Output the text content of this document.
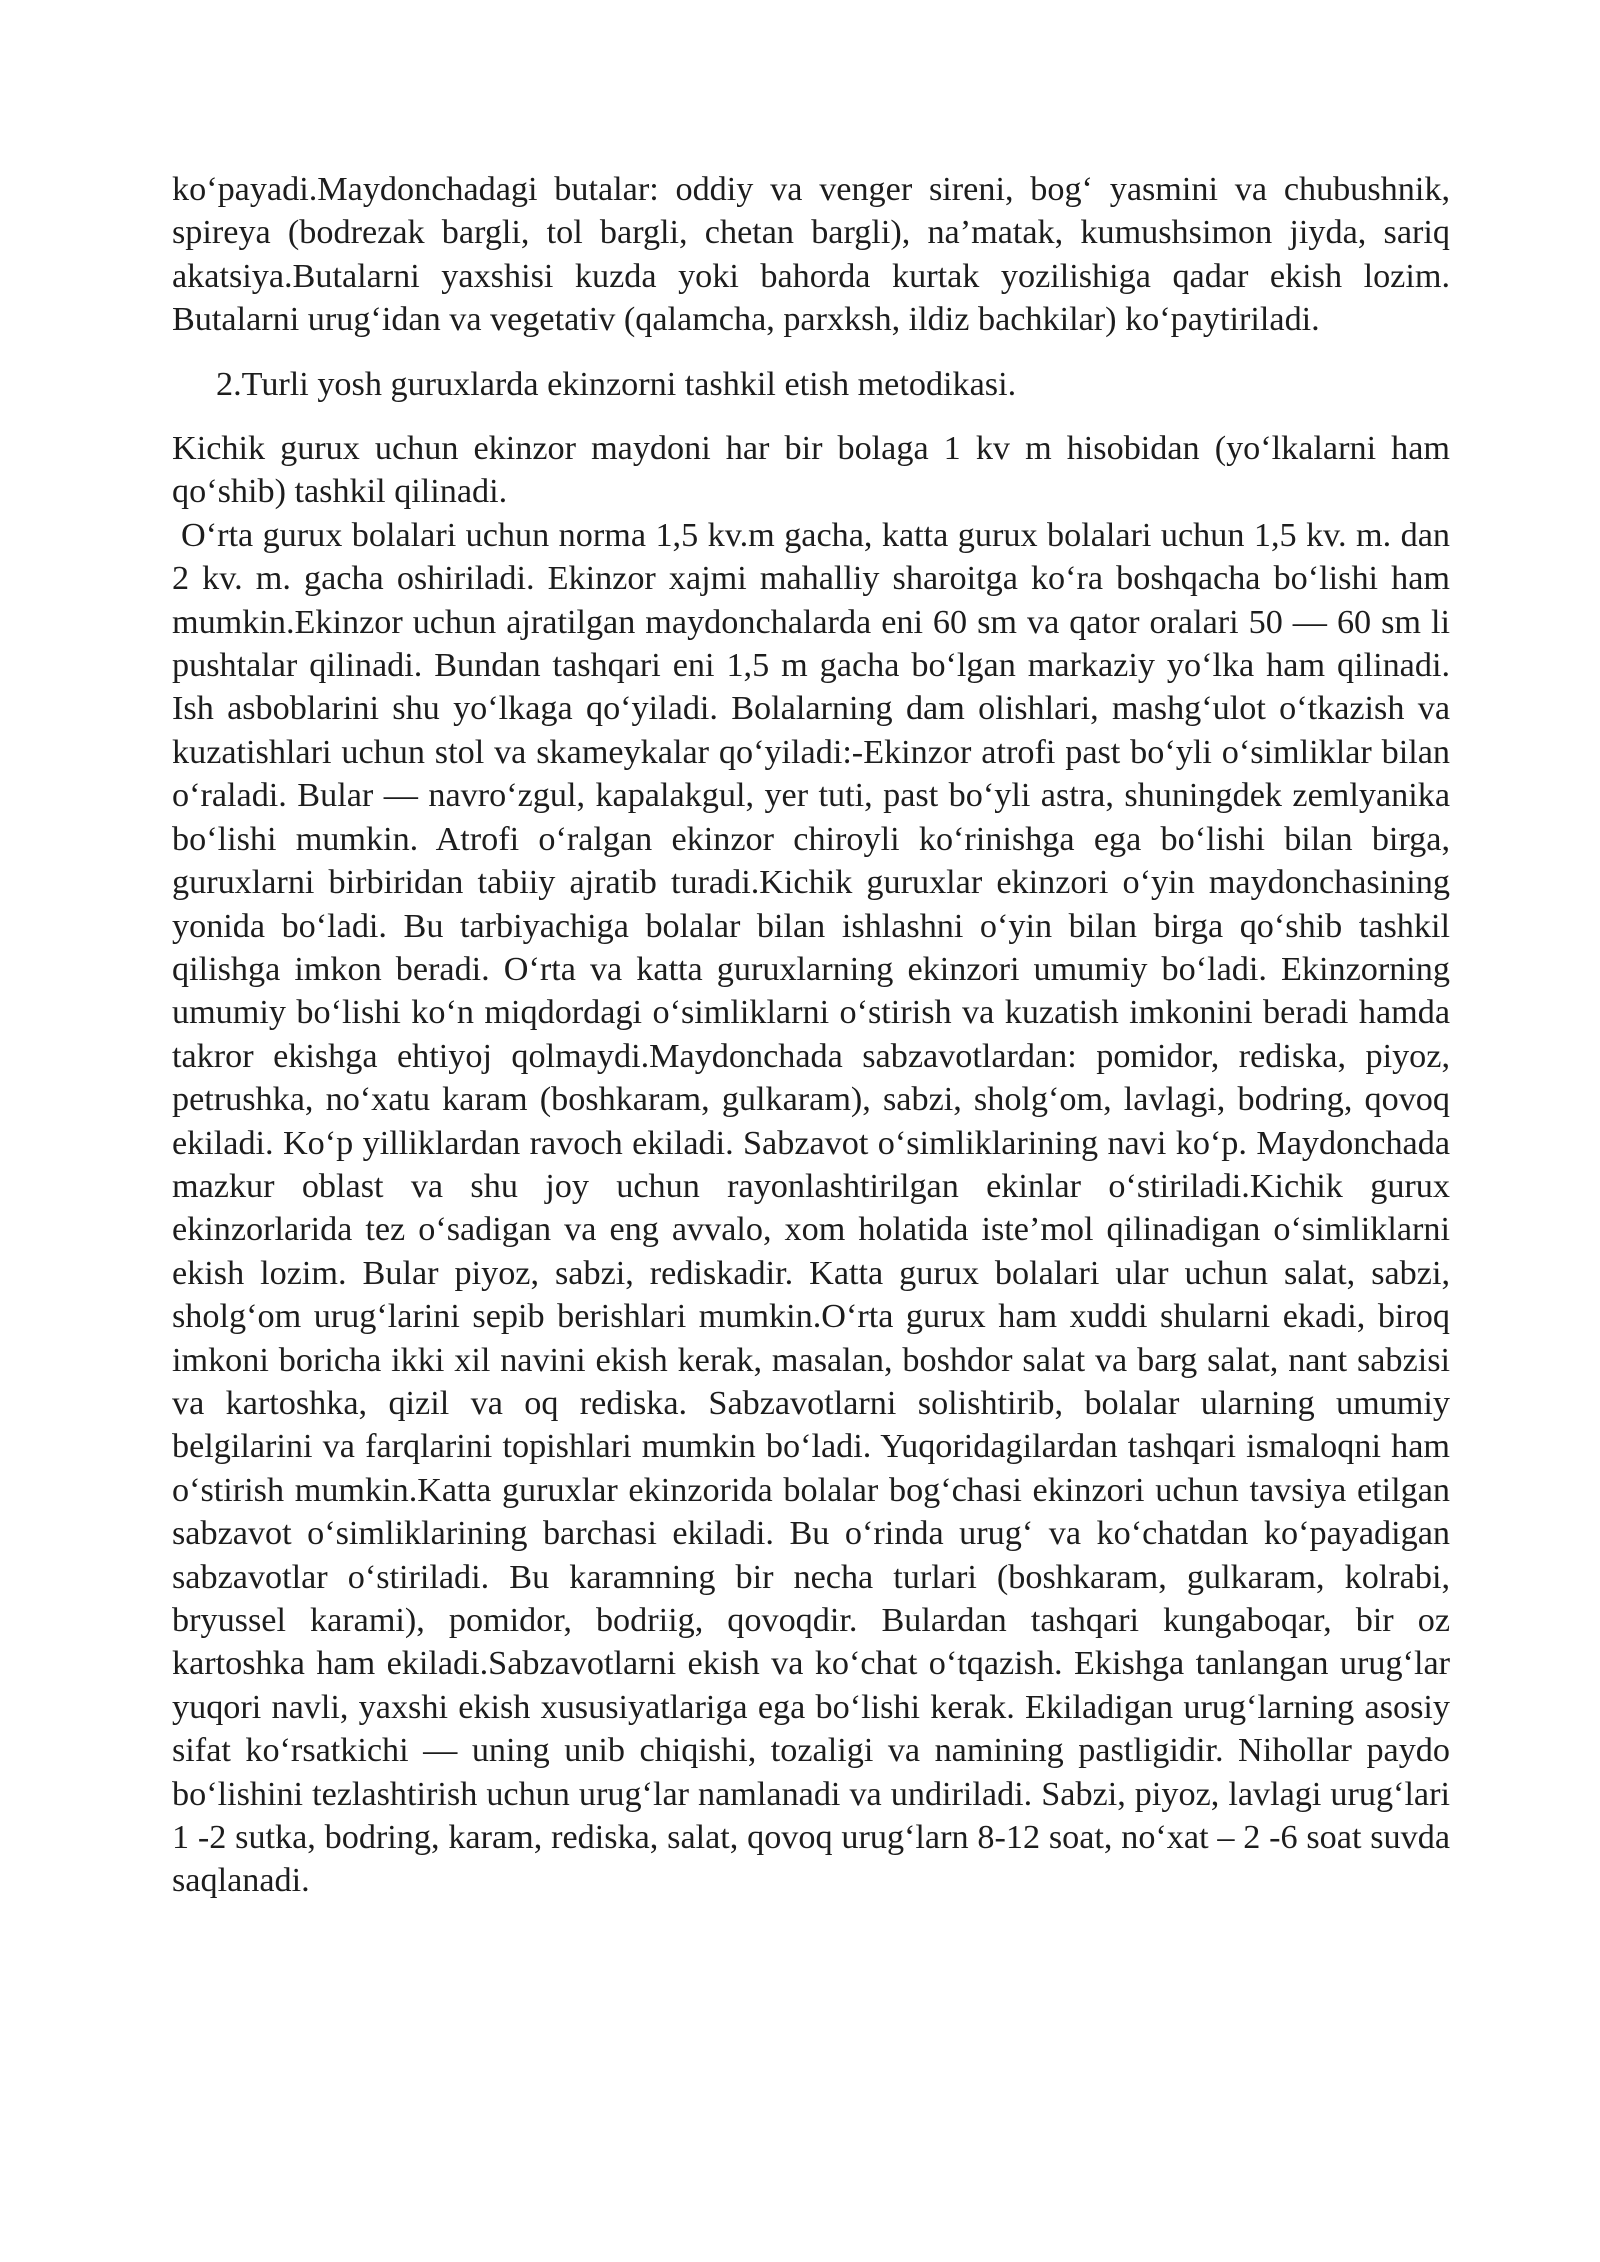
ko‘payadi.Maydonchadagi butalar: oddiy va venger sireni, bog‘ yasmini va chubushnik, spireya (bodrezak bargli, tol bargli, chetan bargli), na’matak, kumushsimon jiyda, sariq akatsiya.Butalarni yaxshisi kuzda yoki bahorda kurtak yozilishiga qadar ekish lozim. Butalarni urug‘idan va vegetativ (qalamcha, parxksh, ildiz bachkilar) ko‘paytiriladi.

2.Turli yosh guruxlarda ekinzorni tashkil etish metodikasi.

Kichik gurux uchun ekinzor maydoni har bir bolaga 1 kv m hisobidan (yo‘lkalarni ham qo‘shib) tashkil qilinadi.

O‘rta gurux bolalari uchun norma 1,5 kv.m gacha, katta gurux bolalari uchun 1,5 kv. m. dan 2 kv. m. gacha oshiriladi. Ekinzor xajmi mahalliy sharoitga ko‘ra boshqacha bo‘lishi ham mumkin.Ekinzor uchun ajratilgan maydonchalarda eni 60 sm va qator oralari 50 — 60 sm li pushtalar qilinadi. Bundan tashqari eni 1,5 m gacha bo‘lgan markaziy yo‘lka ham qilinadi. Ish asboblarini shu yo‘lkaga qo‘yiladi. Bolalarning dam olishlari, mashg‘ulot o‘tkazish va kuzatishlari uchun stol va skameykalar qo‘yiladi:-Ekinzor atrofi past bo‘yli o‘simliklar bilan o‘raladi. Bular — navro‘zgul, kapalakgul, yer tuti, past bo‘yli astra, shuningdek zemlyanika bo‘lishi mumkin. Atrofi o‘ralgan ekinzor chiroyli ko‘rinishga ega bo‘lishi bilan birga, guruxlarni birbiridan tabiiy ajratib turadi.Kichik guruxlar ekinzori o‘yin maydonchasining yonida bo‘ladi. Bu tarbiyachiga bolalar bilan ishlashni o‘yin bilan birga qo‘shib tashkil qilishga imkon beradi. O‘rta va katta guruxlarning ekinzori umumiy bo‘ladi. Ekinzorning umumiy bo‘lishi ko‘n miqdordagi o‘simliklarni o‘stirish va kuzatish imkonini beradi hamda takror ekishga ehtiyoj qolmaydi.Maydonchada sabzavotlardan: pomidor, rediska, piyoz, petrushka, no‘xatu karam (boshkaram, gulkaram), sabzi, sholg‘om, lavlagi, bodring, qovoq ekiladi. Ko‘p yilliklardan ravoch ekiladi. Sabzavot o‘simliklarining navi ko‘p. Maydonchada mazkur oblast va shu joy uchun rayonlashtirilgan ekinlar o‘stiriladi.Kichik gurux ekinzorlarida tez o‘sadigan va eng avvalo, xom holatida iste’mol qilinadigan o‘simliklarni ekish lozim. Bular piyoz, sabzi, rediskadir. Katta gurux bolalari ular uchun salat, sabzi, sholg‘om urug‘larini sepib berishlari mumkin.O‘rta gurux ham xuddi shularni ekadi, biroq imkoni boricha ikki xil navini ekish kerak, masalan, boshdor salat va barg salat, nant sabzisi va kartoshka, qizil va oq rediska. Sabzavotlarni solishtirib, bolalar ularning umumiy belgilarini va farqlarini topishlari mumkin bo‘ladi. Yuqoridagilardan tashqari ismaloqni ham o‘stirish mumkin.Katta guruxlar ekinzorida bolalar bog‘chasi ekinzori uchun tavsiya etilgan sabzavot o‘simliklarining barchasi ekiladi. Bu o‘rinda urug‘ va ko‘chatdan ko‘payadigan sabzavotlar o‘stiriladi. Bu karamning bir necha turlari (boshkaram, gulkaram, kolrabi, bryussel karami), pomidor, bodriig, qovoqdir. Bulardan tashqari kungaboqar, bir oz kartoshka ham ekiladi.Sabzavotlarni ekish va ko‘chat o‘tqazish. Ekishga tanlangan urug‘lar yuqori navli, yaxshi ekish xususiyatlariga ega bo‘lishi kerak. Ekiladigan urug‘larning asosiy sifat ko‘rsatkichi — uning unib chiqishi, tozaligi va namining pastligidir. Nihollar paydo bo‘lishini tezlashtirish uchun urug‘lar namlanadi va undiriladi. Sabzi, piyoz, lavlagi urug‘lari 1 -2 sutka, bodring, karam, rediska, salat, qovoq urug‘larn 8-12 soat, no‘xat – 2 -6 soat suvda saqlanadi.
